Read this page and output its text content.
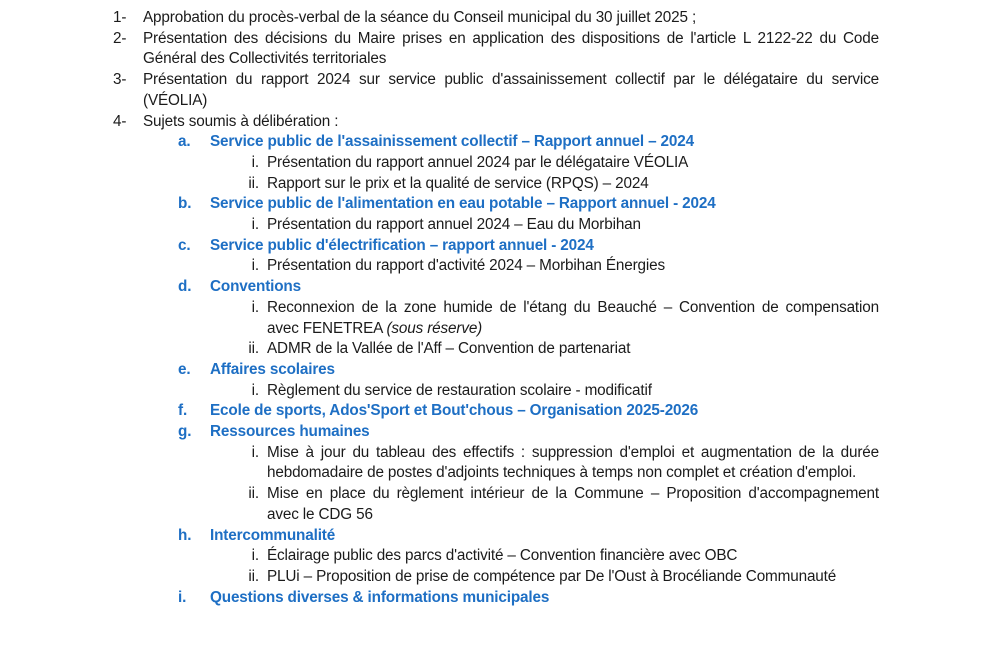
1- Approbation du procès-verbal de la séance du Conseil municipal du 30 juillet 2025 ;

2- Présentation des décisions du Maire prises en application des dispositions de l'article L 2122-22 du Code Général des Collectivités territoriales

3- Présentation du rapport 2024 sur service public d'assainissement collectif par le délégataire du service (VÉOLIA)

4- Sujets soumis à délibération :

a. Service public de l'assainissement collectif – Rapport annuel – 2024

i. Présentation du rapport annuel 2024 par le délégataire VÉOLIA

ii. Rapport sur le prix et la qualité de service (RPQS) – 2024

b. Service public de l'alimentation en eau potable – Rapport annuel - 2024

i. Présentation du rapport annuel 2024 – Eau du Morbihan

c. Service public d'électrification – rapport annuel - 2024

i. Présentation du rapport d'activité 2024 – Morbihan Énergies

d. Conventions

i. Reconnexion de la zone humide de l'étang du Beauché – Convention de compensation avec FENETREA (sous réserve)

ii. ADMR de la Vallée de l'Aff – Convention de partenariat

e. Affaires scolaires

i. Règlement du service de restauration scolaire - modificatif

f. Ecole de sports, Ados'Sport et Bout'chous – Organisation 2025-2026

g. Ressources humaines

i. Mise à jour du tableau des effectifs : suppression d'emploi et augmentation de la durée hebdomadaire de postes d'adjoints techniques à temps non complet et création d'emploi.

ii. Mise en place du règlement intérieur de la Commune – Proposition d'accompagnement avec le CDG 56

h. Intercommunalité

i. Éclairage public des parcs d'activité – Convention financière avec OBC

ii. PLUi – Proposition de prise de compétence par De l'Oust à Brocéliande Communauté

i. Questions diverses & informations municipales
